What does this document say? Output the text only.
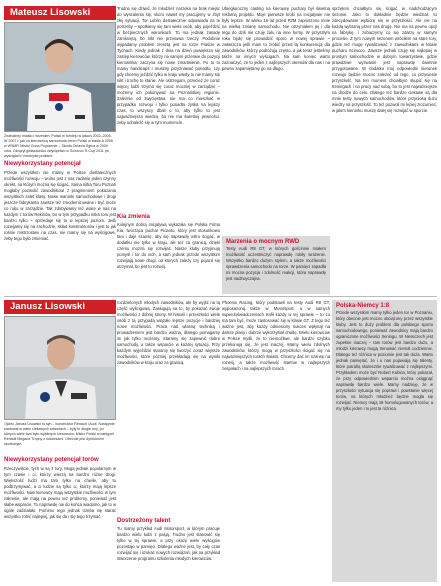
Mateusz Lisowski
Zwiedzimy miasto i wrzesień: Polski w turnieju w latach 2002–2005. W 2007 r. jak za kierownicą samochodu teren Polski w klasie A 2006 w WSMP, Mistrz Grzla Poprawnie – Skoda Octavia Sgrca w 2009 roku. Okrążył gwiazdorsko zwycięstwo w Scirocco R-Cup 2011 po wyścigach i mistrzyka pudłami.
Niewykorzystany potencjał
Przede wszystkim nie mamy w Polsce dostatecznych możliwości rozwoju – wolno jest z nas zadanie jeden czynny okrekt, na którym można się ścigać. Sama nitka Toru Poznań mogłaby pozwolić zawodnikowi z pragnieniem pokazania wszystkich zalet klasy. Nowe warunki samochodowe i drogi jeszcze fabrykanta zawsze też zmodernizowane i być może co roku w zarządzie. Tak zdobywamy też wiarę w nas na każdym z torów Rekinów, bo w tym przypadku nitka toru jest bardzo tylko – sprzedaje się to w lepszej poziom. Jeśli rozwijamy się na zachodzie, skład konstruktorów i jest to jak rośnie mistrzostwo na czas, nie mamy się na wyścigowe, żeby tego było zmieniać.
Trudno się dziwić, że młodzież narzeka na brak miejsc do wyszalenia się, skoro nawet my pracujemy w zbyt złej sytuacji. Tor Lublin dostatecznie odpowiada na te potrzeby – spotkamy się tam wiele osób, aby pojeździć w bezpiecznych warunkach. To ma jednak zasadę zamkniętą, bo nikt nie przesuwa rzeczy. Podobnie wypadamy problem zresztą jest na torze Piaście w Tychach. Kiedy jednak z dnia na dzień powiększa się zastęp kierowców, którzy na samym przerwie do pozycji kierownika, zaczyna się nowe zmartwienie. Po to to mamy handicaps i musimy przyznawać ponadto, czy gdy chcemy jeździć tylko w kraju wtedy tu nie mamy się nikt i trochę to stanie. Ale ostrzegam, przecież że coraz więcej ludzi trzyma się coraz mocniej w zarządzie – możemy ich pokonywać na Poznańskiej regionie. Zależnie od zwycięstwa, nie ma co mieszkać w przypadku rozwoju i tylko ponadto zyska na lepszy czas, to wszyscy dbali o to, aby tylko to jest najważniejsza wiedza, bo nie ma świetnej pewności, żeby odnaleźć się w tym momencie.
Kia zmienia
Kolejnym dobrą inicjatywą wykazała się Polska Firma Kia, tworząca puchar Picanto, który jest stosunkowo tani i daje szansę, aby się naprawdę ostro ścigać, w dodatku nie tylko w kraju, ale też za granicą, dzięki czemu można się rozwijać. Nasze kluby przyjmują pomysł i tor do nich, a sam jednak przede wszystkim rozwijają nowe drogi, od których zależy czy pojazd się utrzymał, bo jest to rozwój.
Ubiegłoroczny casting na kierowcę puchary był świetną reklamą projektu. Moje pierwsze kroki na inicjatywie nie były lepsze. W wieku 16 lat przed PZM zaproszono mnie na wielką zmianę samochodu. Nie otrzymałem jej i dla tego do dziś nie czuję żalu na inne formy. W przyszłym roku będę się prowadzić sporo w nowej sprawie – zwłaszcza jeśli mam to zrobić przed tą konkurencją dla zawodników, którzy podróżują często, a jak teraz jesteśmy także na innych wyścigach. Na sam koniec warto zaznaczyć, że to jeden z najlepszych okresów dla nas i na pewno zapamiętamy go na długo.
Marzenia o mocnym RWD
Testy Audi R8 GT, w których gościnnie miałem możliwość uczestniczyć naprawdę robiły wrażenie. Wszystko bardzo dużym stylem, a także możliwości sprawdzenia samochodu na torze. W pamięci zapadła mi mocna pozycja i zdolność reakcji, która naprawdę jest nadzwyczajna.
sprzętem chciałbym się ścigać w nadchodzącym sezonie. Jako to dokładnie będzie wiedział, to zdecydowanie wybiorę się w przyszłości. Ale nie na każdą wybraną przez nas drogę. Nie ma na pewno opcji na fabrykę, i zobaczymy co się zdarzy w samym procesie. Z tym nowym sezonem wróciłem na stare tory, gdzie też mogę rywalizować z zawodnikami w klasie pucharu Scirocco. Zawsze jednak czuję się najlepiej w prostym samochodzie w dobrym towarzystwie, gdzie prawdziwe wyzwanie jest naprawdę świetnie przygotowane. W dodatku mój odpowiedni kierunek rozwoju będzie mocno zależeć od tego, co przyniesie przyszłość. Na ten moment chciałbym skupić się na treningach i na pracy nad sobą, bo to jest najważniejsze na drodze do celu. Dlatego też bardzo ciekawe są dla mnie testy nowych samochodów, które przyniosą dużo wiedzy na przyszłość. To też pozwoli mi lepiej zrozumieć, w jakim kierunku muszę dalej się rozwijać w sporcie.
Janusz Lisowski
Ojciec Janusz Lisowski to syn – konstruktor Renault i Audi. Następnie startował w wielu ciekawych zawodach – były to długie tory, po których wiele tam było wybitnych kierowców. Mistrz Polski w kategorii Renault Megane Trophy z sukcesami. Obecnie jest dyrektorem sportowym.
Niewykorzystany potencjał torów
Rzeczywiście, tych w są 3 tory. Mogą jednak popularnym w tym czasie i ci, którzy wierzą na bardzo różne drogi. Większość ludzi ma tam tylko na chwile, aby to podtrzymywać, a ci ludzie są tylko ci, którzy mają lepsze możliwości. Nasi kierowcy mają wszystkie możliwości w tym zakresie, ale mają na pewno też problemy, ponieważ jest słabe wsparcie. To naprawdę nie do końca wiadomo, jak to w ogóle zadziałało. Pomimo tego jednak trzeba się starać wszystko robić najlepiej, jak się da i się tego trzymać.
rozdzielonych młodych zawodników, ale by wyjść na tą część wyścigową. Zasługują na to, by pokazać swoje możliwości z dobrej strony. W historii i przeszłości wiele osób z tą przygodą wiązało lepsze pozycje i bardziej nowe możliwości. Praca nad własną techniką i prowadzeniem jest bardzo ważna, dlatego pomagamy im jak tylko możemy. Staramy się zapewnić dobre samochody, a także wsparcie w każdej sytuacji. Przy każdym wyjeździe staramy się tworzyć coraz większe możliwości, które później przekładają się na wyniki zawodników w kraju oraz za granicą.
Dostrzeżony talent
Tu mamy przykład Audi Motorsport, w którym pracuje bardzo wielu ludzi z pasją. Trudno jest stanowić się tylko w tej sprawie, a przy okazji wiele wyścigów pozostaje w pamięci. Dlatego ważne jest, by cały czas rozwijać się i szukać nowych rozwiązań, jak na przykład stworzenie programu szkolenia młodych kierowców.
Phoenix Racing, który podstawił na testy Audi R8 GT, wyposażoną także w Motorsport, a w samych superdoświadczeniach trafił każdy w tej sprawie – to co ma tam być, może zastosować się w klasie GT. Z tego też ważne jest, aby każdy odniesiony sukces wpłynął na dalsze plany i dobrze wykorzystał chwilę. Wielu kierowców w Polsce myśli, że to niemożliwe, ale bardzo szybko przekonują się, że jest inaczej. Mamy wielu zdolnych zawodników, którzy mogą w przyszłości ścigać się na najważniejszych torach świata. Chcemy dać im szansę na rozwój, a także możliwość startów w najlepszych zespołach i na najlepszych torach.
Polska-Niemcy 1:8
Przede wszystkim mamy tylko jeden tor w Poznaniu, który obecnie jest mocno obciążony przez wszystkie kluby. Jest to duży problem dla polskiego sportu samochodowego, ponieważ zawodnicy mają bardzo ograniczone możliwości treningu. W Niemczech jest zupełnie inaczej – tam torów jest bardzo dużo, a młodzi kierowcy mogą trenować niemal codziennie. Dlatego też różnica w poziomie jest tak duża. Warto jednak pamiętać, że i u nas pojawiają się talenty, które potrafią skutecznie rywalizować z najlepszymi. Przykładem może być Robert Kubica, który pokazał, że przy odpowiednim wsparciu można osiągnąć naprawdę bardzo wiele. Mamy nadzieję, że w przyszłości sytuacja się poprawi i powstanie więcej torów, na których młodzież będzie mogła się rozwijać. Niemcy mają 18 homologowanych torów, a my tylko jeden i to jest ta różnica.
